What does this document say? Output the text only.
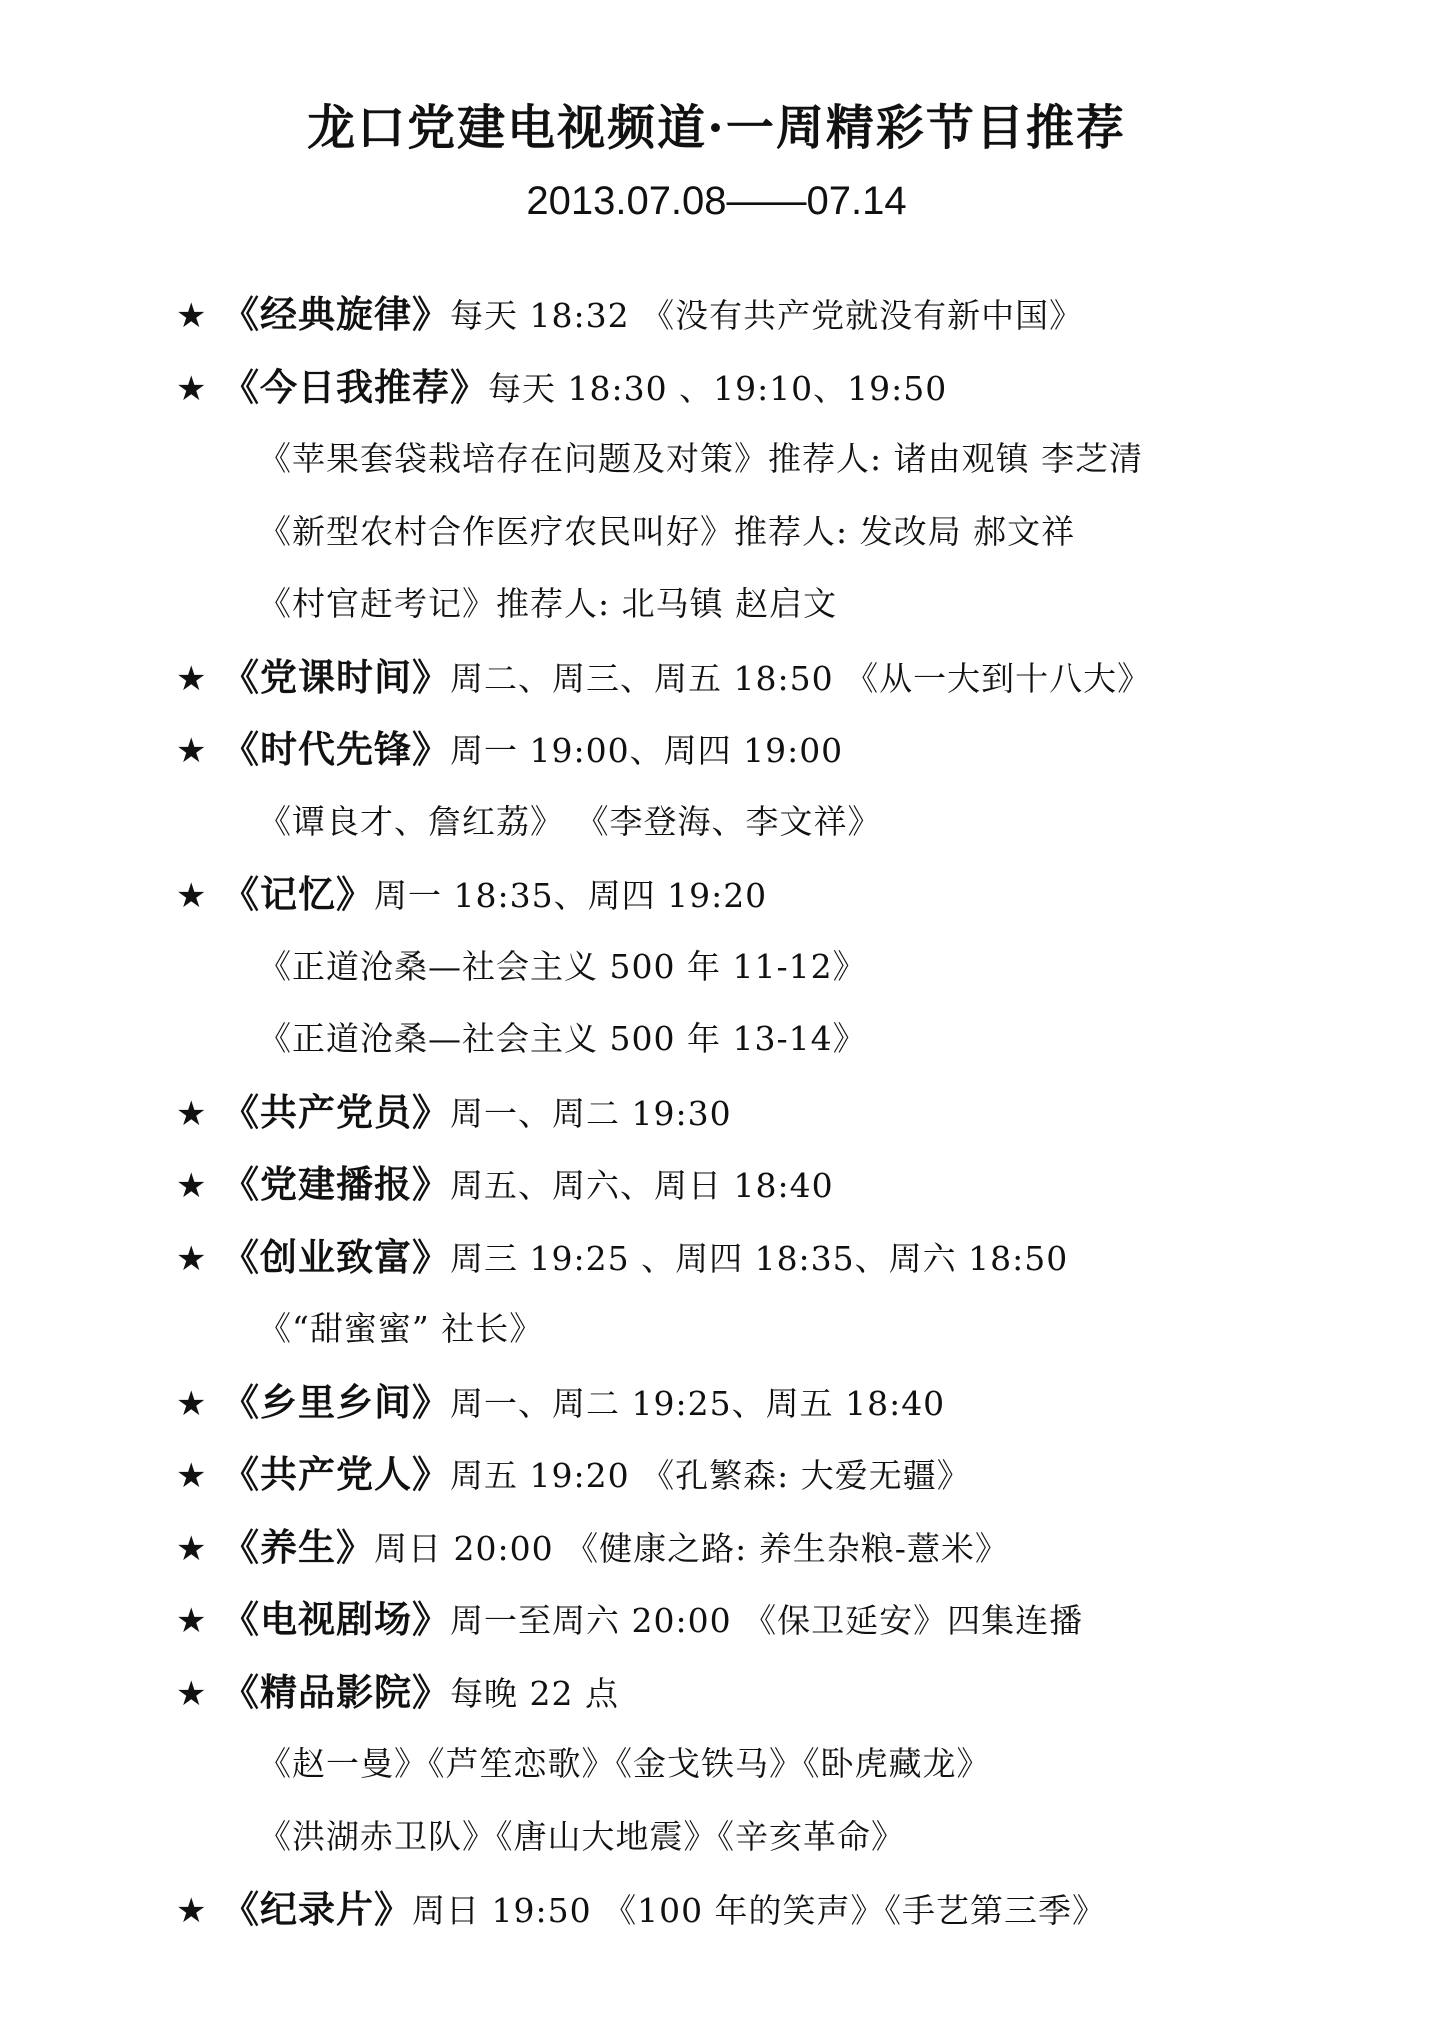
龙口党建电视频道·一周精彩节目推荐
2013.07.08——07.14
★ 《经典旋律》每天 18:32 《没有共产党就没有新中国》
★ 《今日我推荐》每天 18:30 、19:10、19:50
《苹果套袋栽培存在问题及对策》推荐人: 诸由观镇 李芝清
《新型农村合作医疗农民叫好》推荐人: 发改局 郝文祥
《村官赶考记》推荐人: 北马镇 赵启文
★ 《党课时间》周二、周三、周五 18:50 《从一大到十八大》
★ 《时代先锋》周一 19:00、周四 19:00
《谭良才、詹红荔》 《李登海、李文祥》
★ 《记忆》周一 18:35、周四 19:20
《正道沧桑—社会主义 500 年 11-12》
《正道沧桑—社会主义 500 年 13-14》
★ 《共产党员》周一、周二 19:30
★ 《党建播报》周五、周六、周日 18:40
★ 《创业致富》周三 19:25 、周四 18:35、周六 18:50
《“甜蜜蜜” 社长》
★ 《乡里乡间》周一、周二 19:25、周五 18:40
★ 《共产党人》周五 19:20 《孔繁森: 大爱无疆》
★ 《养生》周日 20:00 《健康之路: 养生杂粮-薏米》
★ 《电视剧场》周一至周六 20:00 《保卫延安》四集连播
★ 《精品影院》每晚 22 点
《赵一曼》《芦笙恋歌》《金戈铁马》《卧虎藏龙》
《洪湖赤卫队》《唐山大地震》《辛亥革命》
★ 《纪录片》周日 19:50 《100 年的笑声》《手艺第三季》
